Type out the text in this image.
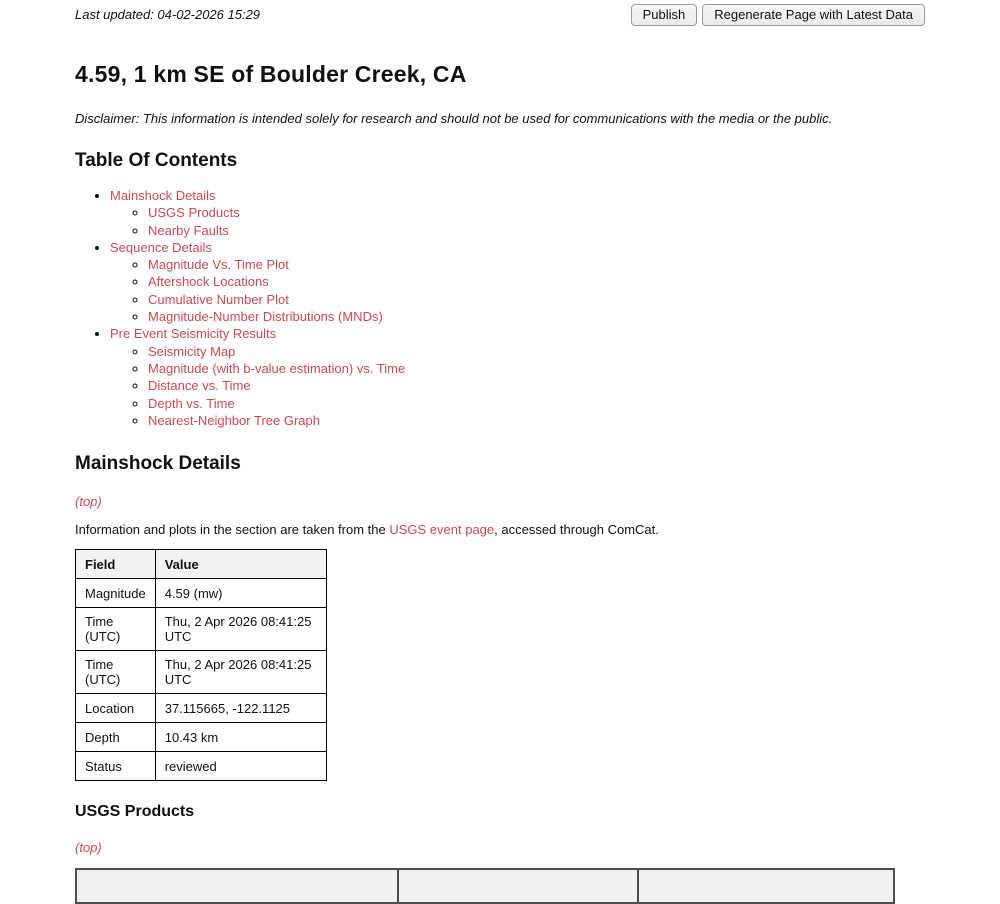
Last updated: 04-02-2026 15:29	Publish	Regenerate Page with Latest Data
4.59, 1 km SE of Boulder Creek, CA

Disclaimer: This information is intended solely for research and should not be used for communications with the media or the public.

Table Of Contents
• Mainshock Details
◦ USGS Products
◦ Nearby Faults
• Sequence Details
◦ Magnitude Vs. Time Plot
◦ Aftershock Locations
◦ Cumulative Number Plot
◦ Magnitude-Number Distributions (MNDs)
• Pre Event Seismicity Results
◦ Seismicity Map
◦ Magnitude (with b-value estimation) vs. Time
◦ Distance vs. Time
◦ Depth vs. Time
◦ Nearest-Neighbor Tree Graph
Mainshock Details

(top)

Information and plots in the section are taken from the USGS event page, accessed through ComCat.

Field	Value
Magnitude	4.59 (mw)
Time (UTC)	Thu, 2 Apr 2026 08:41:25 UTC
Time (UTC)	Thu, 2 Apr 2026 08:41:25 UTC
Location	37.115665, -122.1125
Depth	10.43 km
Status	reviewed
USGS Products

(top)
